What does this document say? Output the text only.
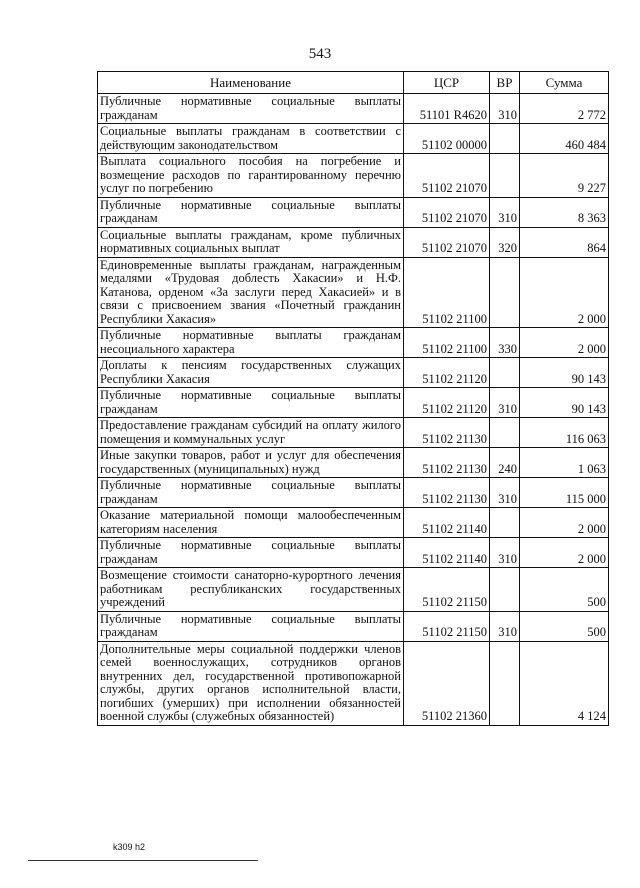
543
Наименование	ЦСР	ВР	Сумма
Публичные нормативные социальные выплаты гражданам	51101 R4620	310	2 772
Социальные выплаты гражданам в соответствии с действующим законодательством	51102 00000		460 484
Выплата социального пособия на погребение и возмещение расходов по гарантированному перечню услуг по погребению	51102 21070		9 227
Публичные нормативные социальные выплаты гражданам	51102 21070	310	8 363
Социальные выплаты гражданам, кроме публичных нормативных социальных выплат	51102 21070	320	864
Единовременные выплаты гражданам, награжденным медалями «Трудовая доблесть Хакасии» и Н.Ф. Катанова, орденом «За заслуги перед Хакасией» и в связи с присвоением звания «Почетный гражданин Республики Хакасия»	51102 21100		2 000
Публичные нормативные выплаты гражданам несоциального характера	51102 21100	330	2 000
Доплаты к пенсиям государственных служащих Республики Хакасия	51102 21120		90 143
Публичные нормативные социальные выплаты гражданам	51102 21120	310	90 143
Предоставление гражданам субсидий на оплату жилого помещения и коммунальных услуг	51102 21130		116 063
Иные закупки товаров, работ и услуг для обеспечения государственных (муниципальных) нужд	51102 21130	240	1 063
Публичные нормативные социальные выплаты гражданам	51102 21130	310	115 000
Оказание материальной помощи малообеспеченным категориям населения	51102 21140		2 000
Публичные нормативные социальные выплаты гражданам	51102 21140	310	2 000
Возмещение стоимости санаторно-курортного лечения работникам республиканских государственных учреждений	51102 21150		500
Публичные нормативные социальные выплаты гражданам	51102 21150	310	500
Дополнительные меры социальной поддержки членов семей военнослужащих, сотрудников органов внутренних дел, государственной противопожарной службы, других органов исполнительной власти, погибших (умерших) при исполнении обязанностей военной службы (служебных обязанностей)	51102 21360		4 124
k309 h2
